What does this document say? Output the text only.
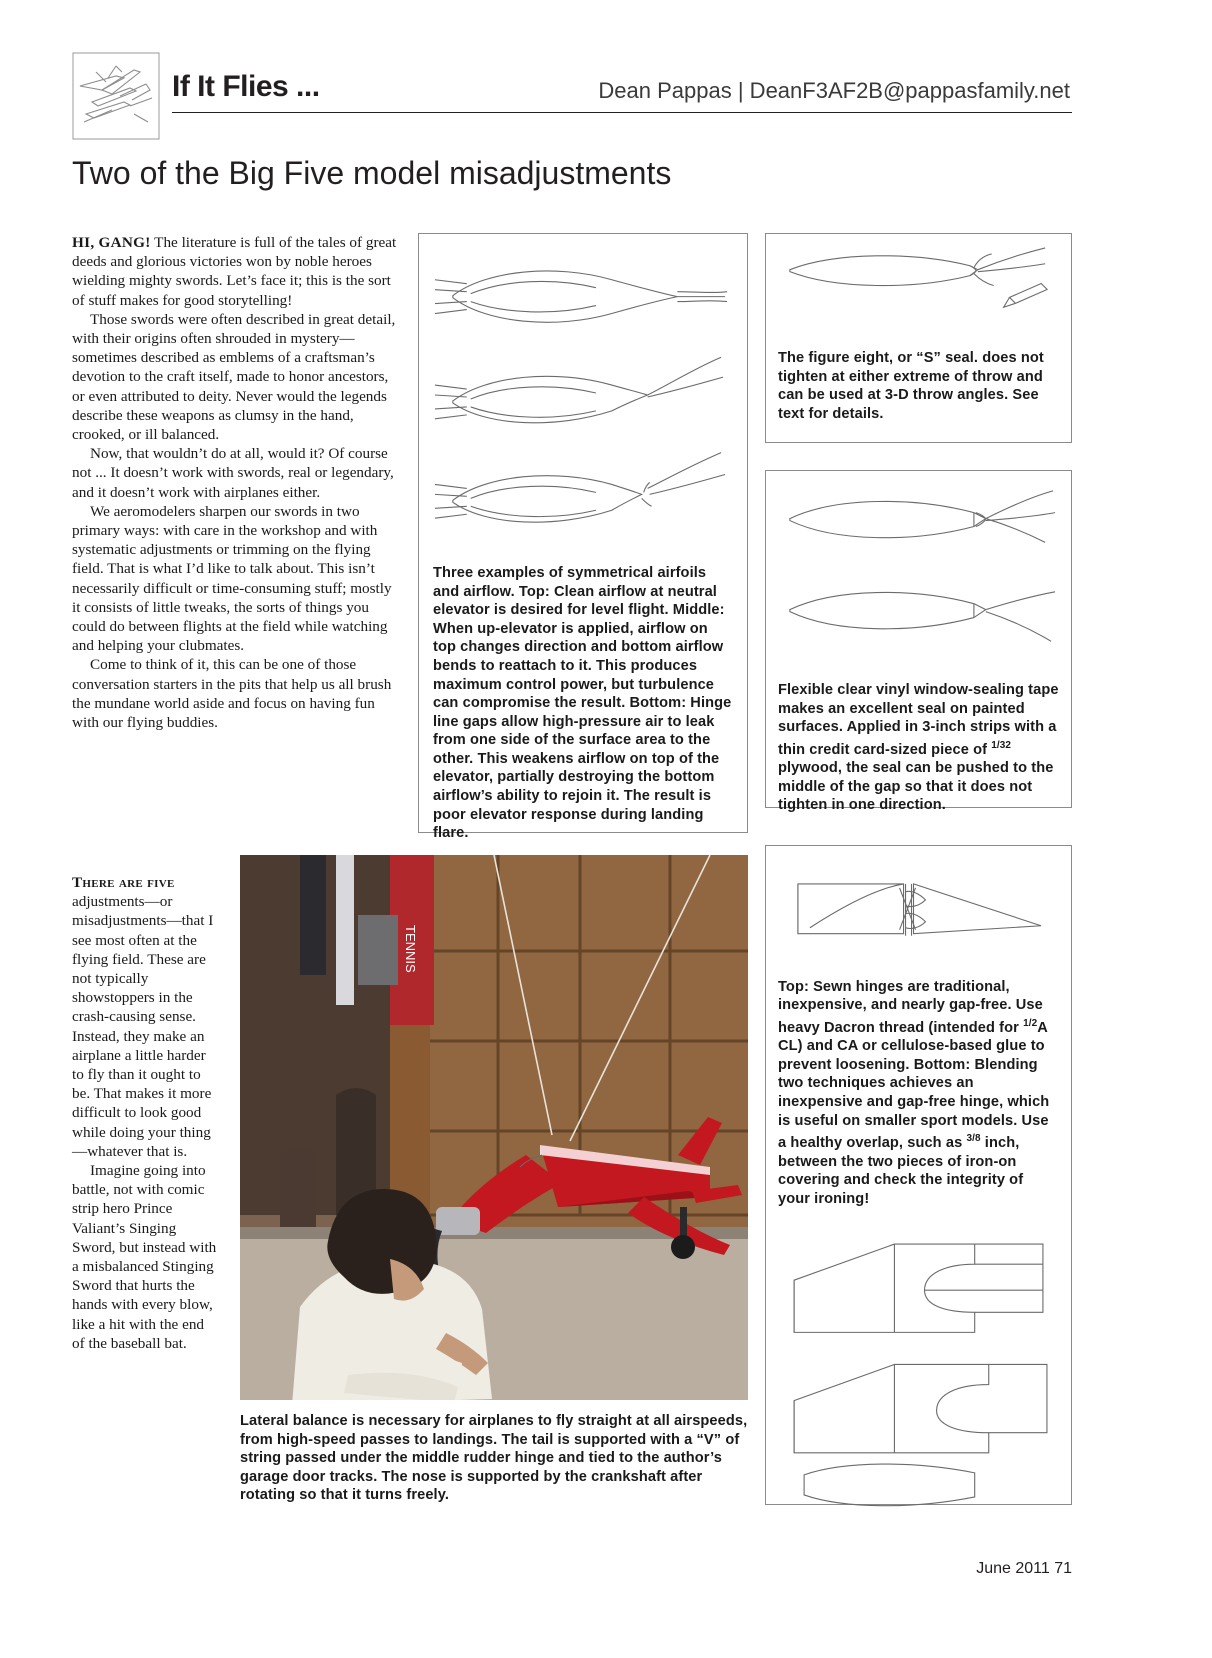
If It Flies ...	Dean Pappas | DeanF3AF2B@pappasfamily.net
Two of the Big Five model misadjustments

HI, GANG! The literature is full of the tales of great deeds and glorious victories won by noble heroes wielding mighty swords. Let’s face it; this is the sort of stuff makes for good storytelling!

Those swords were often described in great detail, with their origins often shrouded in mystery—sometimes described as emblems of a craftsman’s devotion to the craft itself, made to honor ancestors, or even attributed to deity. Never would the legends describe these weapons as clumsy in the hand, crooked, or ill balanced.

Now, that wouldn’t do at all, would it? Of course not ... It doesn’t work with swords, real or legendary, and it doesn’t work with airplanes either.

We aeromodelers sharpen our swords in two primary ways: with care in the workshop and with systematic adjustments or trimming on the flying field. That is what I’d like to talk about. This isn’t necessarily difficult or time-consuming stuff; mostly it consists of little tweaks, the sorts of things you could do between flights at the field while watching and helping your clubmates.

Come to think of it, this can be one of those conversation starters in the pits that help us all brush the mundane world aside and focus on having fun with our flying buddies.

There are five adjustments—or misadjustments—that I see most often at the flying field. These are not typically showstoppers in the crash-causing sense. Instead, they make an airplane a little harder to fly than it ought to be. That makes it more difficult to look good while doing your thing—whatever that is.

Imagine going into battle, not with comic strip hero Prince Valiant’s Singing Sword, but instead with a misbalanced Stinging Sword that hurts the hands with every blow, like a hit with the end of the baseball bat.

Three examples of symmetrical airfoils and airflow. Top: Clean airflow at neutral elevator is desired for level flight. Middle: When up-elevator is applied, airflow on top changes direction and bottom airflow bends to reattach to it. This produces maximum control power, but turbulence can compromise the result. Bottom: Hinge line gaps allow high-pressure air to leak from one side of the surface area to the other. This weakens airflow on top of the elevator, partially destroying the bottom airflow’s ability to rejoin it. The result is poor elevator response during landing flare.
The figure eight, or “S” seal. does not tighten at either extreme of throw and can be used at 3-D throw angles. See text for details.
Flexible clear vinyl window-sealing tape makes an excellent seal on painted surfaces. Applied in 3-inch strips with a thin credit card-sized piece of $^{1/32}$ plywood, the seal can be pushed to the middle of the gap so that it does not tighten in one direction.
Top: Sewn hinges are traditional, inexpensive, and nearly gap-free. Use heavy Dacron thread (intended for $^{1/2}$A CL) and CA or cellulose-based glue to prevent loosening. Bottom: Blending two techniques achieves an inexpensive and gap-free hinge, which is useful on smaller sport models. Use a healthy overlap, such as $^{3/8}$ inch, between the two pieces of iron-on covering and check the integrity of your ironing!
TENNIS
Lateral balance is necessary for airplanes to fly straight at all airspeeds, from high-speed passes to landings. The tail is supported with a “V” of string passed under the middle rudder hinge and tied to the author’s garage door tracks. The nose is supported by the crankshaft after rotating so that it turns freely.
June 2011 71
